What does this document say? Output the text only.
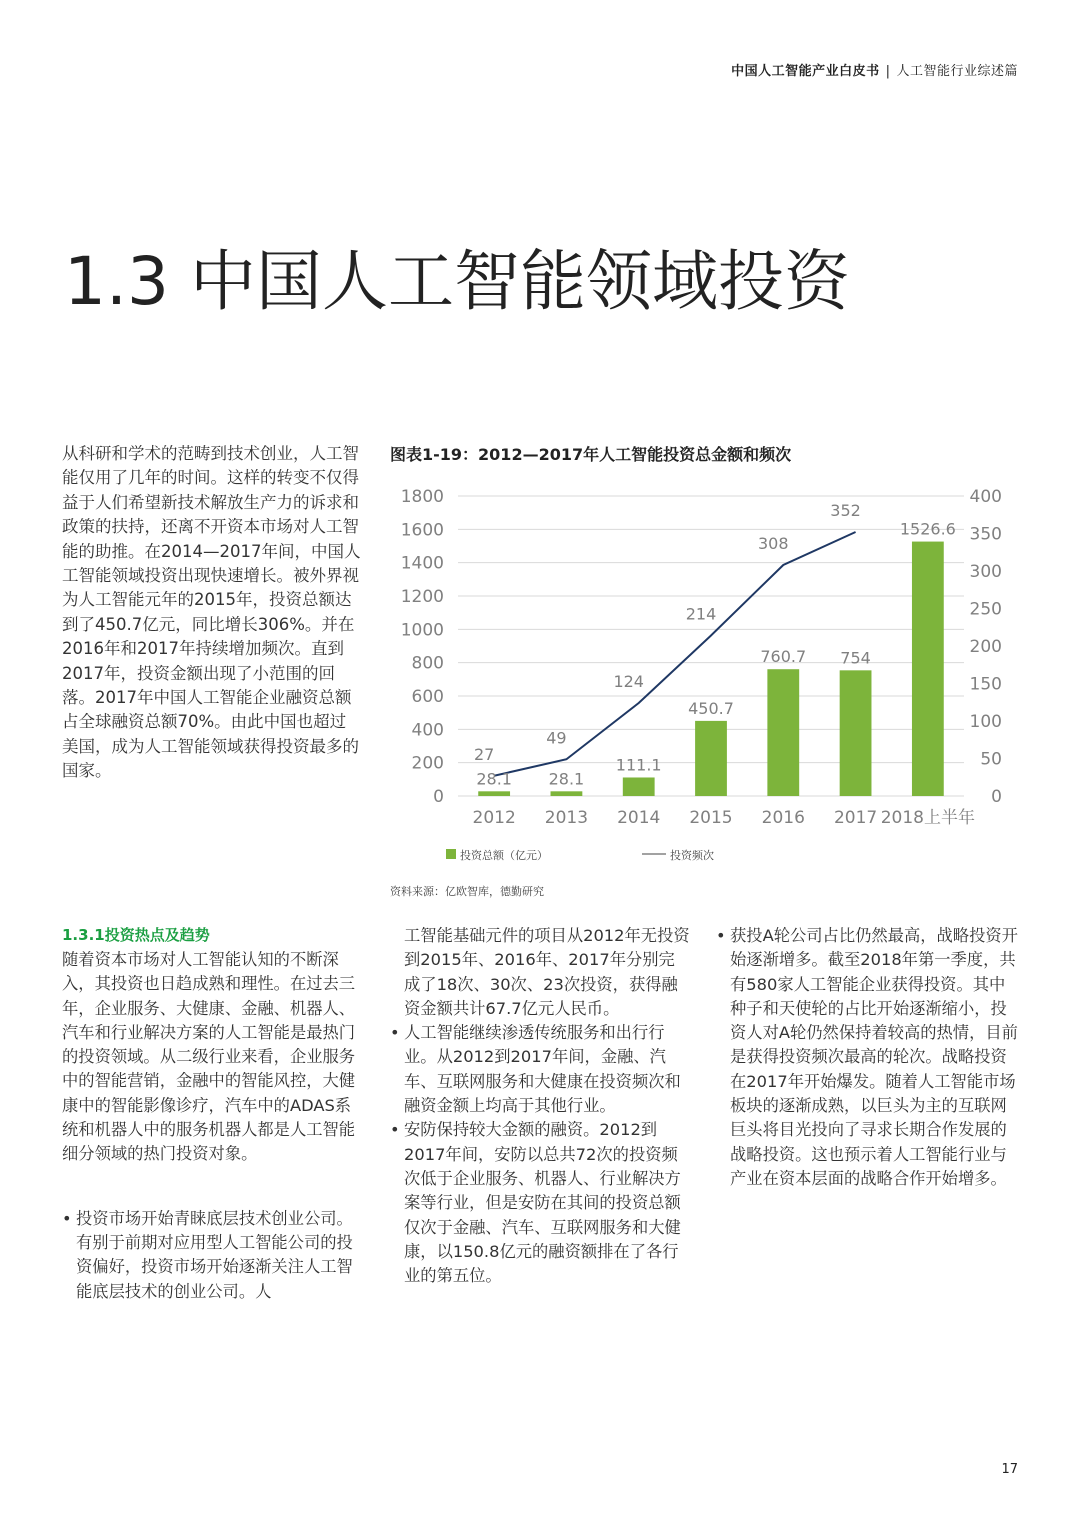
中国人工智能产业白皮书 | 人工智能行业综述篇
1.3 中国人工智能领域投资

从科研和学术的范畴到技术创业，人工智能仅用了几年的时间。这样的转变不仅得益于人们希望新技术解放生产力的诉求和政策的扶持，还离不开资本市场对人工智能的助推。在2014—2017年间，中国人工智能领域投资出现快速增长。被外界视为人工智能元年的2015年，投资总额达到了450.7亿元，同比增长306%。并在2016年和2017年持续增加频次。直到2017年，投资金额出现了小范围的回落。2017年中国人工智能企业融资总额占全球融资总额70%。由此中国也超过美国，成为人工智能领域获得投资最多的国家。

图表1-19：2012—2017年人工智能投资总金额和频次

0
200
400
600
800
1000
1200
1400
1600
1800
0
50
100
150
200
250
300
350
400
2012 2013 2014 2015 2016 2017 2018上半年
28.1 28.1
111.1
450.7
760.7 754
1526.6
27
49
124
214
308
352
投资总额（亿元）	投资频次
资料来源：亿欧智库，德勤研究
1.3.1投资热点及趋势

随着资本市场对人工智能认知的不断深入，其投资也日趋成熟和理性。在过去三年，企业服务、大健康、金融、机器人、汽车和行业解决方案的人工智能是最热门的投资领域。从二级行业来看，企业服务中的智能营销，金融中的智能风控，大健康中的智能影像诊疗，汽车中的ADAS系统和机器人中的服务机器人都是人工智能细分领域的热门投资对象。

• 投资市场开始青睐底层技术创业公司。有别于前期对应用型人工智能公司的投资偏好，投资市场开始逐渐关注人工智能底层技术的创业公司。人

工智能基础元件的项目从2012年无投资到2015年、2016年、2017年分别完成了18次、30次、23次投资，获得融资金额共计67.7亿元人民币。

• 人工智能继续渗透传统服务和出行行业。从2012到2017年间，金融、汽车、互联网服务和大健康在投资频次和融资金额上均高于其他行业。

• 安防保持较大金额的融资。2012到2017年间，安防以总共72次的投资频次低于企业服务、机器人、行业解决方案等行业，但是安防在其间的投资总额仅次于金融、汽车、互联网服务和大健康，以150.8亿元的融资额排在了各行业的第五位。

• 获投A轮公司占比仍然最高，战略投资开始逐渐增多。截至2018年第一季度，共有580家人工智能企业获得投资。其中种子和天使轮的占比开始逐渐缩小，投资人对A轮仍然保持着较高的热情，目前是获得投资频次最高的轮次。战略投资在2017年开始爆发。随着人工智能市场板块的逐渐成熟，以巨头为主的互联网巨头将目光投向了寻求长期合作发展的战略投资。这也预示着人工智能行业与产业在资本层面的战略合作开始增多。

17
